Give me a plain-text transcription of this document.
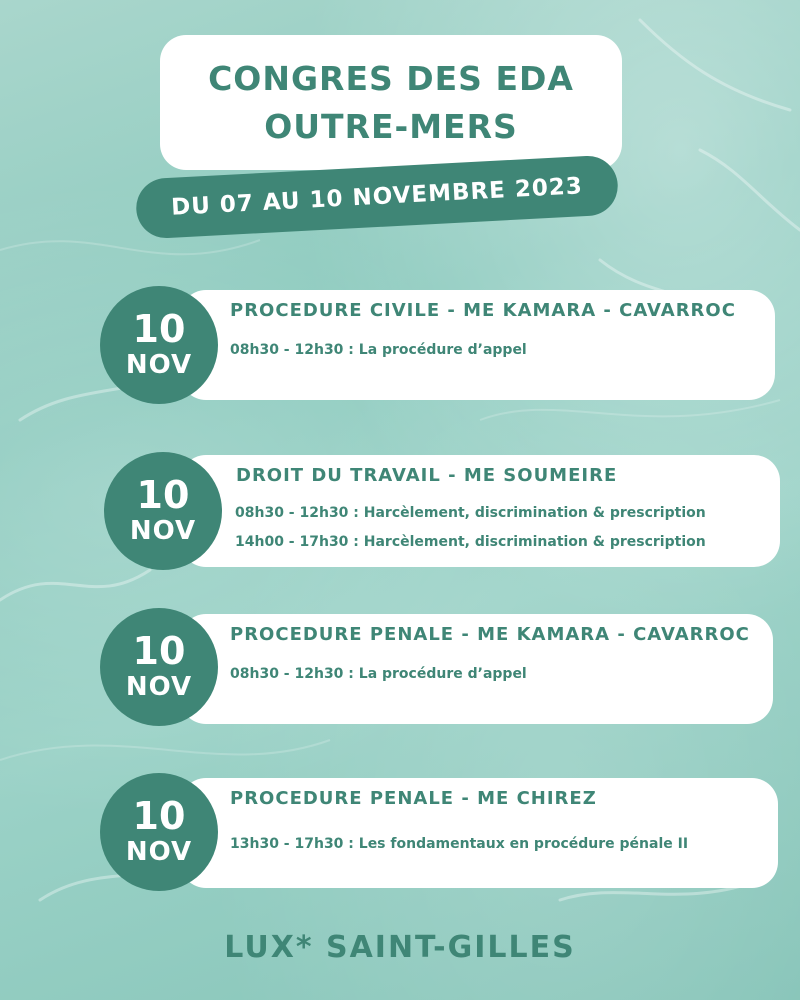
CONGRES DES EDA
OUTRE-MERS
DU 07 AU 10 NOVEMBRE 2023
PROCEDURE CIVILE - ME KAMARA - CAVARROC
08h30 - 12h30 : La procédure d’appel
10
NOV
DROIT DU TRAVAIL - ME SOUMEIRE
08h30 - 12h30 : Harcèlement, discrimination & prescription
14h00 - 17h30 : Harcèlement, discrimination & prescription
10
NOV
PROCEDURE PENALE - ME KAMARA - CAVARROC
08h30 - 12h30 : La procédure d’appel
10
NOV
PROCEDURE PENALE - ME CHIREZ
13h30 - 17h30 : Les fondamentaux en procédure pénale II
10
NOV
LUX* SAINT-GILLES
